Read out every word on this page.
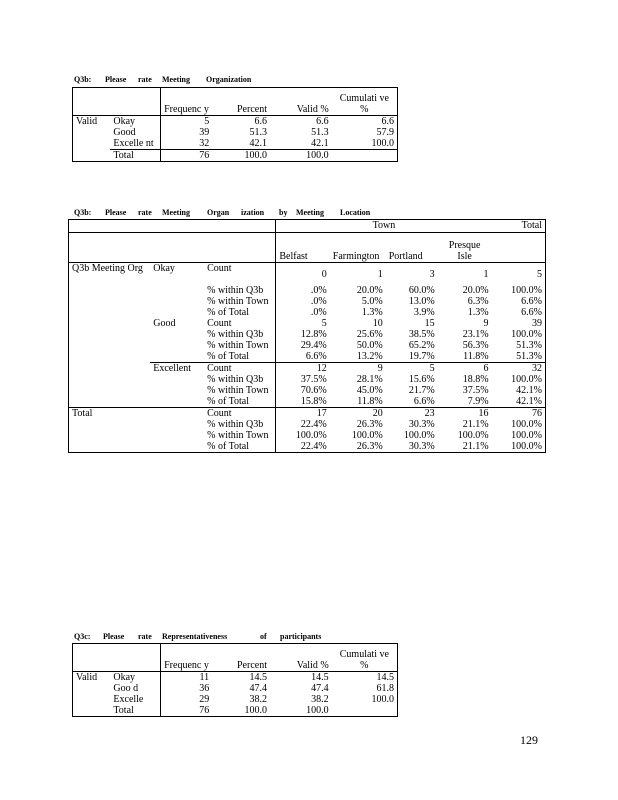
Q3b: Please rate Meeting Organization
		Frequenc y	Percent	Valid %	Cumulati ve %
Valid	Okay	5	6.6	6.6	6.6
	Good	39	51.3	51.3	57.9
	Excelle nt	32	42.1	42.1	100.0
	Total	76	100.0	100.0	
Q3b: Please rate Meeting Organ ization by Meeting Location
			Town				Total
			Belfast	Farmington	Portland	Presque Isle	
Q3b Meeting Org	Okay	Count	0	1	3	1	5
		% within Q3b	.0%	20.0%	60.0%	20.0%	100.0%
		% within Town	.0%	5.0%	13.0%	6.3%	6.6%
		% of Total	.0%	1.3%	3.9%	1.3%	6.6%
	Good	Count	5	10	15	9	39
		% within Q3b	12.8%	25.6%	38.5%	23.1%	100.0%
		% within Town	29.4%	50.0%	65.2%	56.3%	51.3%
		% of Total	6.6%	13.2%	19.7%	11.8%	51.3%
	Excellent	Count	12	9	5	6	32
		% within Q3b	37.5%	28.1%	15.6%	18.8%	100.0%
		% within Town	70.6%	45.0%	21.7%	37.5%	42.1%
		% of Total	15.8%	11.8%	6.6%	7.9%	42.1%
Total		Count	17	20	23	16	76
		% within Q3b	22.4%	26.3%	30.3%	21.1%	100.0%
		% within Town	100.0%	100.0%	100.0%	100.0%	100.0%
		% of Total	22.4%	26.3%	30.3%	21.1%	100.0%
Q3c: Please rate Representativeness	of participants
		Frequenc y	Percent	Valid %	Cumulati ve %
Valid	Okay	11	14.5	14.5	14.5
	Goo d	36	47.4	47.4	61.8
	Excelle	29	38.2	38.2	100.0
	Total	76	100.0	100.0	
129
